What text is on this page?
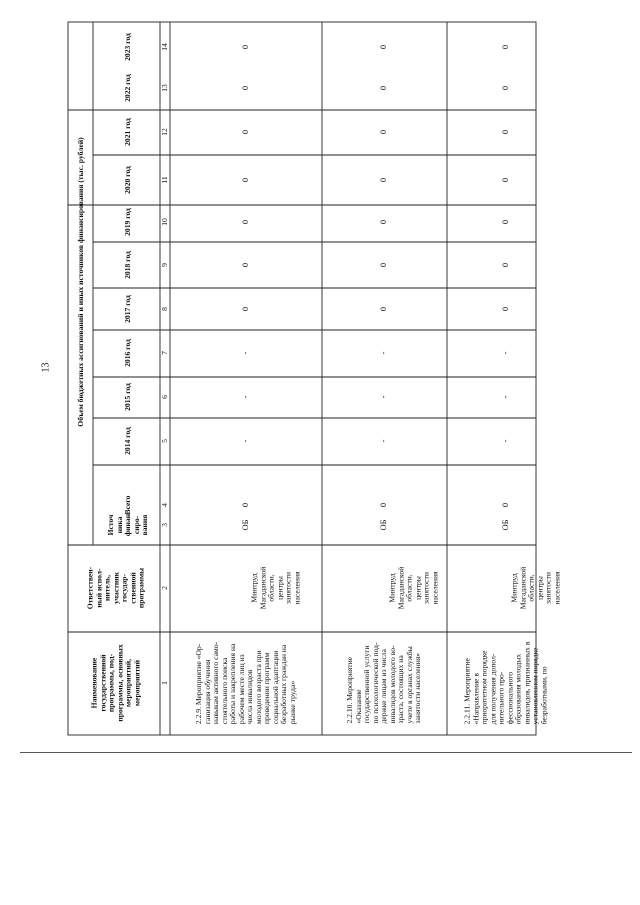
13
Наименование
государственной
программы, под-
программы, основных
мероприятий,
мероприятий
Ответствен-
ный испол-
нитель,
участник
государ-
ственной
программы
Источ
ника
финан
сиро-
вания
Объем бюджетных ассигнований и иных источников финансирования (тыс. рублей)
Всего
2014 год
2015 год
2016 год
2017 год
2018 год
2019 год
2020 год
2021 год
2022 год
2023 год
1
2
3
4
5
6
7
8
9
10
11
12
13
14
2.2.9. Мероприятие «Ор-
ганизация обучения
навыкам активного само-
стоятельного поиска
работы и закрепления на
рабочем месте лиц из
числа инвалидов
молодого возраста при
проведении программ
социальной адаптации
безработных граждан на
рынке труда»
Минтруд
Магаданской
области,
центры
занятости
населения
ОБ
0
-
-
-
0
0
0
0
0
0
0
2.2.10. Мероприятие
«Оказание
государственной услуги
по психологической под-
держке лицам из числа
инвалидов молодого во-
зраста, состоящих на
учете в органах службы
занятости населения»
Минтруд
Магаданской
области,
центры
занятости
населения
ОБ
0
-
-
-
0
0
0
0
0
0
0
2.2.11. Мероприятие
«Направление в
приоритетном порядке
для получения допол-
нительного про-
фессионального
образования молодых
инвалидов, признанных в
установленном порядке
безработными, по
Минтруд
Магаданской
области,
центры
занятости
населения
ОБ
0
-
-
-
0
0
0
0
0
0
0
